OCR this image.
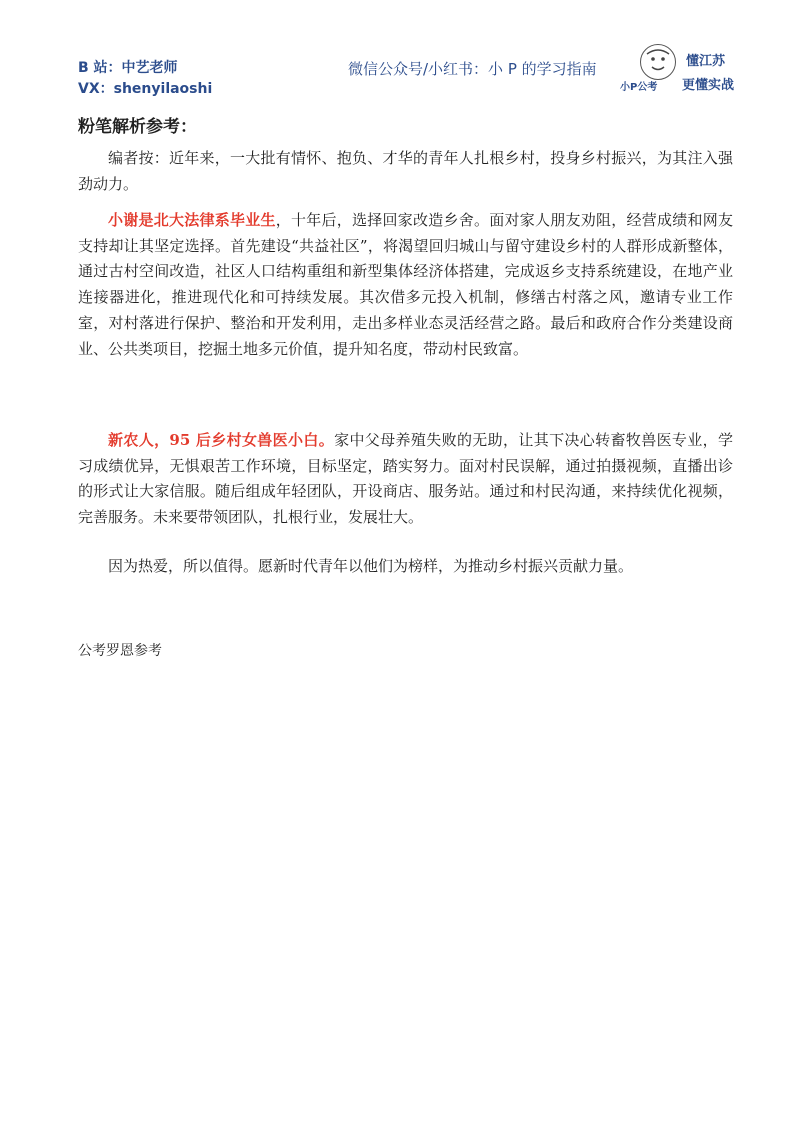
B 站：中艺老师
VX：shenyilaoshi
微信公众号/小红书：小 P 的学习指南
小P公考
懂江苏
更懂实战
粉笔解析参考：
编者按：近年来，一大批有情怀、抱负、才华的青年人扎根乡村，投身乡村振兴，为其注入强劲动力。
小谢是北大法律系毕业生，十年后，选择回家改造乡舍。面对家人朋友劝阻，经营成绩和网友支持却让其坚定选择。首先建设“共益社区”，将渴望回归城山与留守建设乡村的人群形成新整体，通过古村空间改造，社区人口结构重组和新型集体经济体搭建，完成返乡支持系统建设，在地产业连接器进化，推进现代化和可持续发展。其次借多元投入机制，修缮古村落之风，邀请专业工作室，对村落进行保护、整治和开发利用，走出多样业态灵活经营之路。最后和政府合作分类建设商业、公共类项目，挖掘土地多元价值，提升知名度，带动村民致富。
新农人，95 后乡村女兽医小白。家中父母养殖失败的无助，让其下决心转畜牧兽医专业，学习成绩优异，无惧艰苦工作环境，目标坚定，踏实努力。面对村民误解，通过拍摄视频，直播出诊的形式让大家信服。随后组成年轻团队，开设商店、服务站。通过和村民沟通，来持续优化视频，完善服务。未来要带领团队，扎根行业，发展壮大。
因为热爱，所以值得。愿新时代青年以他们为榜样，为推动乡村振兴贡献力量。
公考罗恩参考
